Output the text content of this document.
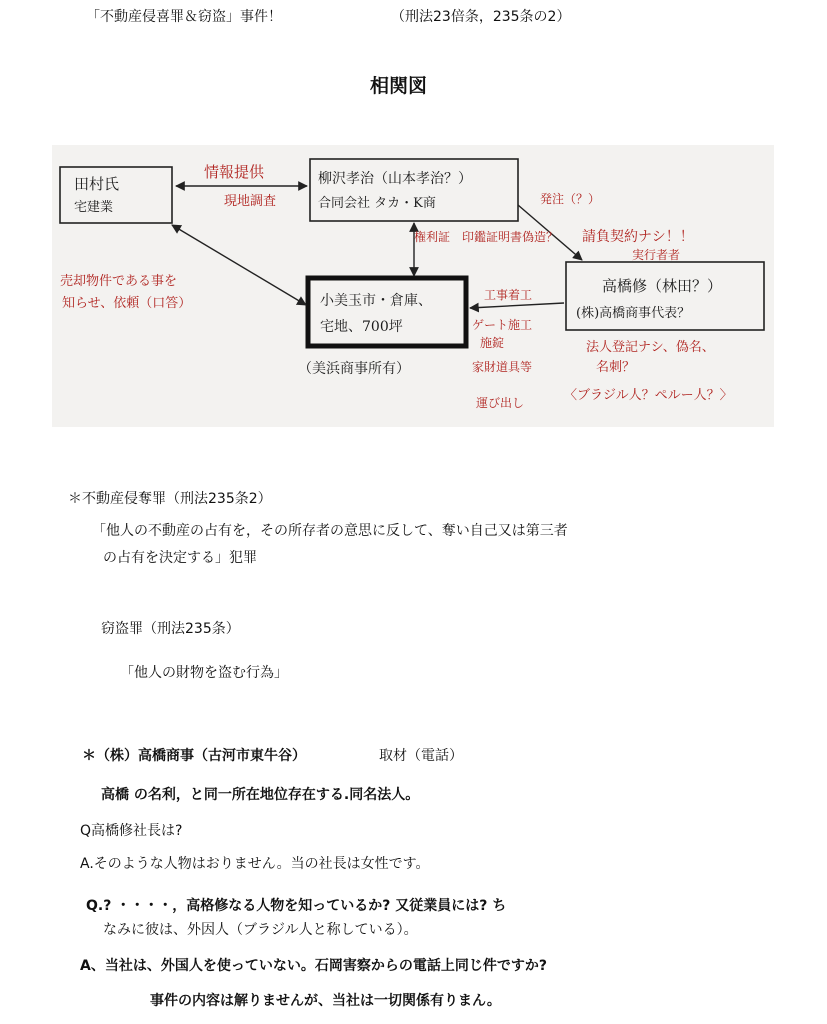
「不動産侵喜罪＆窃盗」事件！	（刑法23倍条，235条の2）
相関図
田村氏
宅建業
柳沢孝治（山本孝治？）
合同会社 タカ・K商
小美玉市・倉庫、
宅地、700坪
（美浜商事所有）
高橋修（林田？）
(株)高橋商事代表？
情報提供
現地調査
売却物件である事を
知らせ、依頼（口答）
発注（？）
請負契約ナシ！！
実行者者
権利証　印鑑証明書偽造？
工事着工
ゲート施工
施錠
家財道具等
運び出し
法人登記ナシ、偽名、
名刺？
〈ブラジル人？ペルー人？〉
＊不動産侵奪罪（刑法235条2）
「他人の不動産の占有を，その所存者の意思に反して、奪い自己又は第三者
の占有を決定する」犯罪
窃盗罪（刑法235条）
「他人の財物を盗む行為」
＊（株）高橋商事（古河市東牛谷）	取材（電話）
高橋 の名利，と同一所在地位存在する.同名法人。
Q高橋修社長は?
A.そのような人物はおりません。当の社長は女性です。
Q.? ・・・・，高格修なる人物を知っているか? 又従業員には? ち
なみに彼は、外因人（ブラジル人と称している）。
A、当社は、外国人を使っていない。石岡害察からの電話上同じ件ですか?
事件の内容は解りませんが、当社は一切関係有りまん。
